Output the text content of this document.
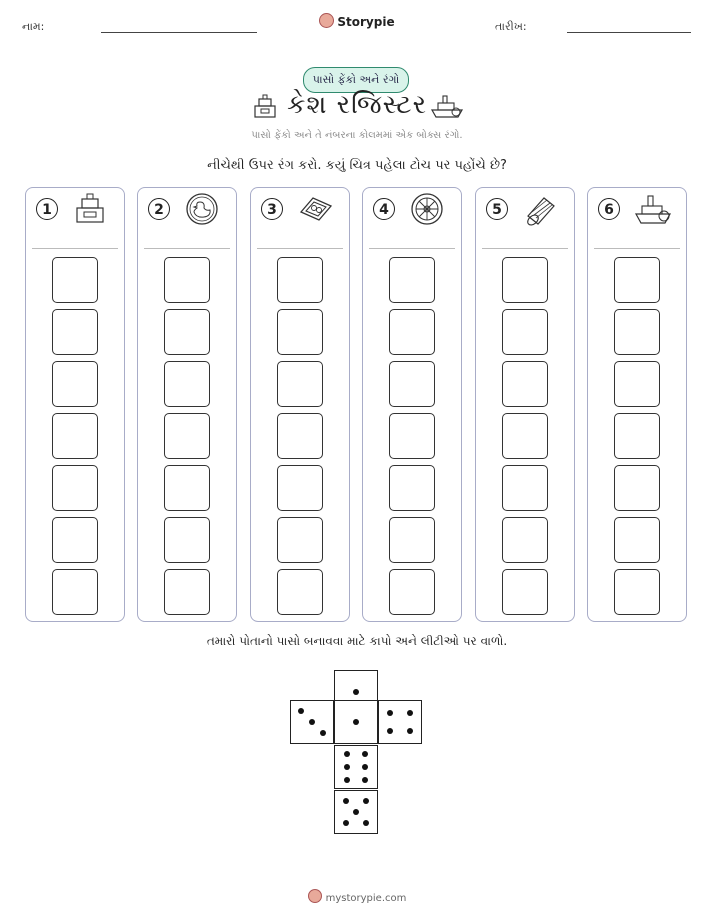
નામ:	Storypie	તારીખ:
પાસો ફેંકો અને રંગો
કેશ રજિસ્ટર
પાસો ફેંકો અને તે નંબરના કોલમમાં એક બોક્સ રંગો.
નીચેથી ઉપર રંગ કરો. કયું ચિત્ર પહેલા ટોચ પર પહોંચે છે?
1	2	3	4	5	6
તમારો પોતાનો પાસો બનાવવા માટે કાપો અને લીટીઓ પર વાળો.
mystorypie.com
